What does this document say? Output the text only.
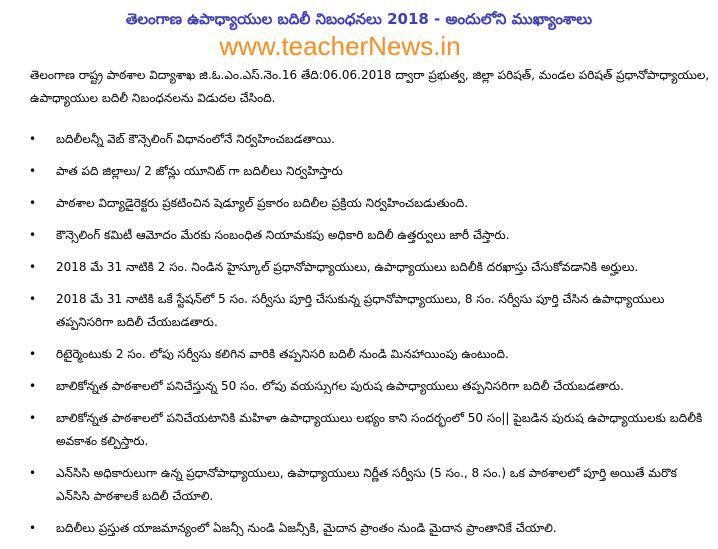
తెలంగాణ ఉపాధ్యాయుల బదిలీ నిబంధనలు 2018 - అందులోని ముఖ్యాంశాలు
www.teacherNews.in
తెలంగాణ రాష్ట్ర పాఠశాల విద్యాశాఖ జి.ఓ.ఎం.ఎస్.నెం.16 తేది:06.06.2018 ద్వారా ప్రభుత్వ, జిల్లా పరిషత్, మండల పరిషత్ ప్రధానోపాధ్యాయుల, ఉపాధ్యాయుల బదిలీ నిబంధనలను విడుదల చేసింది.
• బదిలీలన్నీ వెబ్ కౌన్సెలింగ్ విధానంలోనే నిర్వహించబడతాయి.
• పాత పది జిల్లాలు/ 2 జోన్లు యూనిట్ గా బదిలీలు నిర్వహిస్తారు
• పాఠశాల విద్యాడైరెక్టరు ప్రకటించిన షెడ్యూల్ ప్రకారం బదిలీల ప్రక్రియ నిర్వహించబడుతుంది.
• కౌన్సెలింగ్ కమిటీ ఆమోదం మేరకు సంబంధిత నియామకపు అధికారి బదిలీ ఉత్తర్వులు జారీ చేస్తారు.
• 2018 మే 31 నాటికి 2 సం. నిండిన హైస్కూల్ ప్రధానోపాధ్యాయులు, ఉపాధ్యాయులు బదిలీకి దరఖాస్తు చేసుకోవడానికి అర్హులు.
• 2018 మే 31 నాటికి ఒకే స్టేషన్‌లో 5 సం. సర్వీసు పూర్తి చేసుకున్న ప్రధానోపాధ్యాయులు, 8 సం. సర్వీసు పూర్తి చేసిన ఉపాధ్యాయులు తప్పనిసరిగా బదిలీ చేయబడతారు.
• రిటైర్మెంటుకు 2 సం. లోపు సర్వీసు కలిగిన వారికి తప్పనిసరి బదిలీ నుండి మినహాయింపు ఉంటుంది.
• బాలికోన్నత పాఠశాలలో పనిచేస్తున్న 50 సం. లోపు వయస్సుగల పురుష ఉపాధ్యాయులు తప్పనిసరిగా బదిలీ చేయబడతారు.
• బాలికోన్నత పాఠశాలలో పనిచేయటానికి మహిళా ఉపాధ్యాయులు లభ్యం కాని సందర్భంలో 50 సం|| పైబడిన పురుష ఉపాధ్యాయులకు బదిలీకి అవకాశం కల్పిస్తారు.
• ఎన్‌సిసి అధికారులుగా ఉన్న ప్రధానోపాధ్యాయులు, ఉపాధ్యాయులు నిర్ణీత సర్వీసు (5 సం., 8 సం.) ఒక పాఠశాలలో పూర్తి అయితే మరొక ఎన్‌సిసి పాఠశాలకే బదిలీ చేయాలి.
• బదిలీలు ప్రస్తుత యాజమాన్యంలో ఏజన్సీ నుండి ఏజన్సీకి, మైదాన ప్రాంతం నుండి మైదాన ప్రాంతానికే చేయాలి.
